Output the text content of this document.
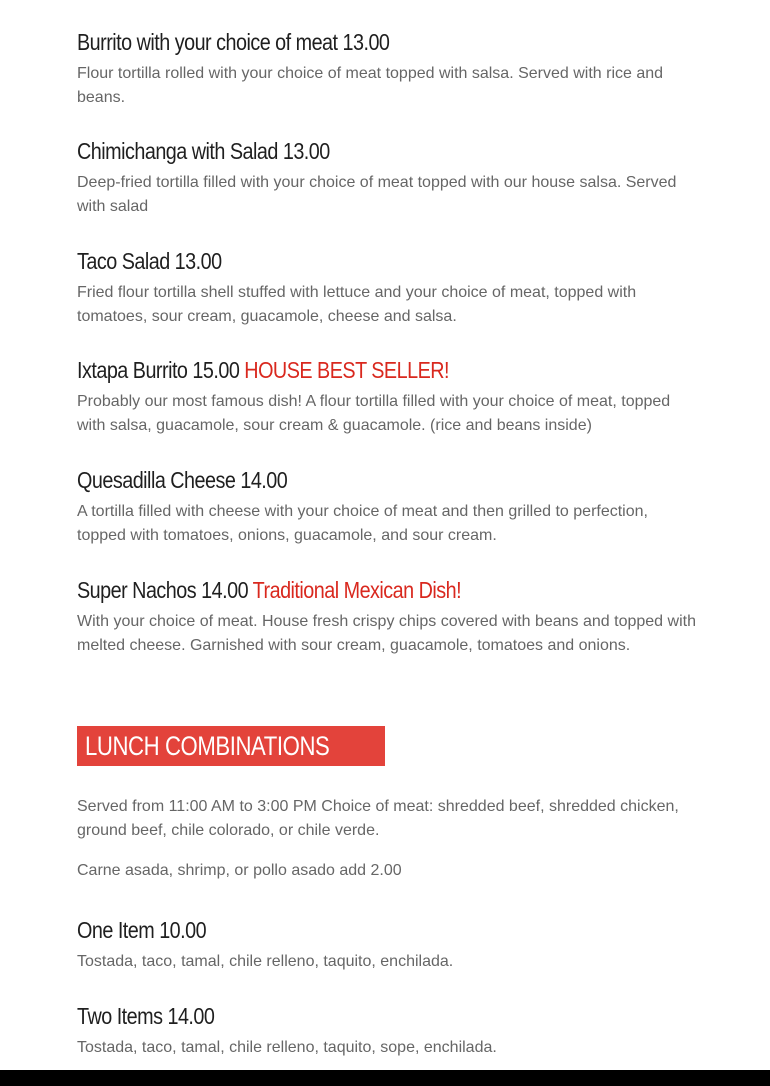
Burrito with your choice of meat 13.00
Flour tortilla rolled with your choice of meat topped with salsa. Served with rice and beans.
Chimichanga with Salad 13.00
Deep-fried tortilla filled with your choice of meat topped with our house salsa. Served with salad
Taco Salad 13.00
Fried flour tortilla shell stuffed with lettuce and your choice of meat, topped with tomatoes, sour cream, guacamole, cheese and salsa.
Ixtapa Burrito 15.00 HOUSE BEST SELLER!
Probably our most famous dish! A flour tortilla filled with your choice of meat, topped with salsa, guacamole, sour cream & guacamole. (rice and beans inside)
Quesadilla Cheese 14.00
A tortilla filled with cheese with your choice of meat and then grilled to perfection, topped with tomatoes, onions, guacamole, and sour cream.
Super Nachos 14.00 Traditional Mexican Dish!
With your choice of meat. House fresh crispy chips covered with beans and topped with melted cheese. Garnished with sour cream, guacamole, tomatoes and onions.
LUNCH COMBINATIONS
Served from 11:00 AM to 3:00 PM Choice of meat: shredded beef, shredded chicken, ground beef, chile colorado, or chile verde.
Carne asada, shrimp, or pollo asado add 2.00
One Item 10.00
Tostada, taco, tamal, chile relleno, taquito, enchilada.
Two Items 14.00
Tostada, taco, tamal, chile relleno, taquito, sope, enchilada.
